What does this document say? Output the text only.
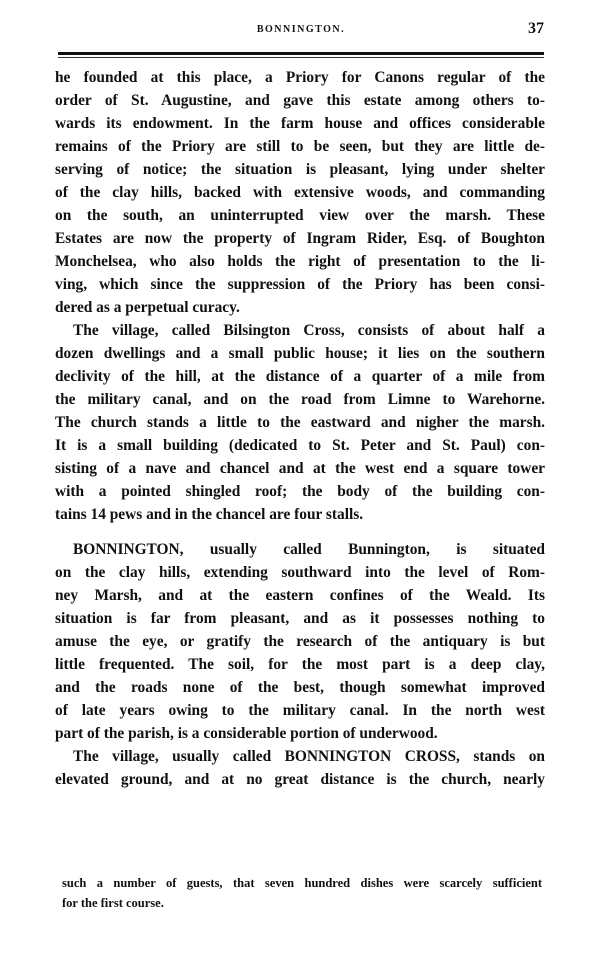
BONNINGTON.	37
he founded at this place, a Priory for Canons regular of the
order of St. Augustine, and gave this estate among others to-
wards its endowment. In the farm house and offices considerable
remains of the Priory are still to be seen, but they are little de-
serving of notice; the situation is pleasant, lying under shelter
of the clay hills, backed with extensive woods, and commanding
on the south, an uninterrupted view over the marsh. These
Estates are now the property of Ingram Rider, Esq. of Boughton
Monchelsea, who also holds the right of presentation to the li-
ving, which since the suppression of the Priory has been consi-
dered as a perpetual curacy.
The village, called Bilsington Cross, consists of about half a
dozen dwellings and a small public house; it lies on the southern
declivity of the hill, at the distance of a quarter of a mile from
the military canal, and on the road from Limne to Warehorne.
The church stands a little to the eastward and nigher the marsh.
It is a small building (dedicated to St. Peter and St. Paul) con-
sisting of a nave and chancel and at the west end a square tower
with a pointed shingled roof; the body of the building con-
tains 14 pews and in the chancel are four stalls.
BONNINGTON, usually called Bunnington, is situated
on the clay hills, extending southward into the level of Rom-
ney Marsh, and at the eastern confines of the Weald. Its
situation is far from pleasant, and as it possesses nothing to
amuse the eye, or gratify the research of the antiquary is but
little frequented. The soil, for the most part is a deep clay,
and the roads none of the best, though somewhat improved
of late years owing to the military canal. In the north west
part of the parish, is a considerable portion of underwood.
The village, usually called BONNINGTON CROSS, stands on
elevated ground, and at no great distance is the church, nearly
such a number of guests, that seven hundred dishes were scarcely sufficient
for the first course.
